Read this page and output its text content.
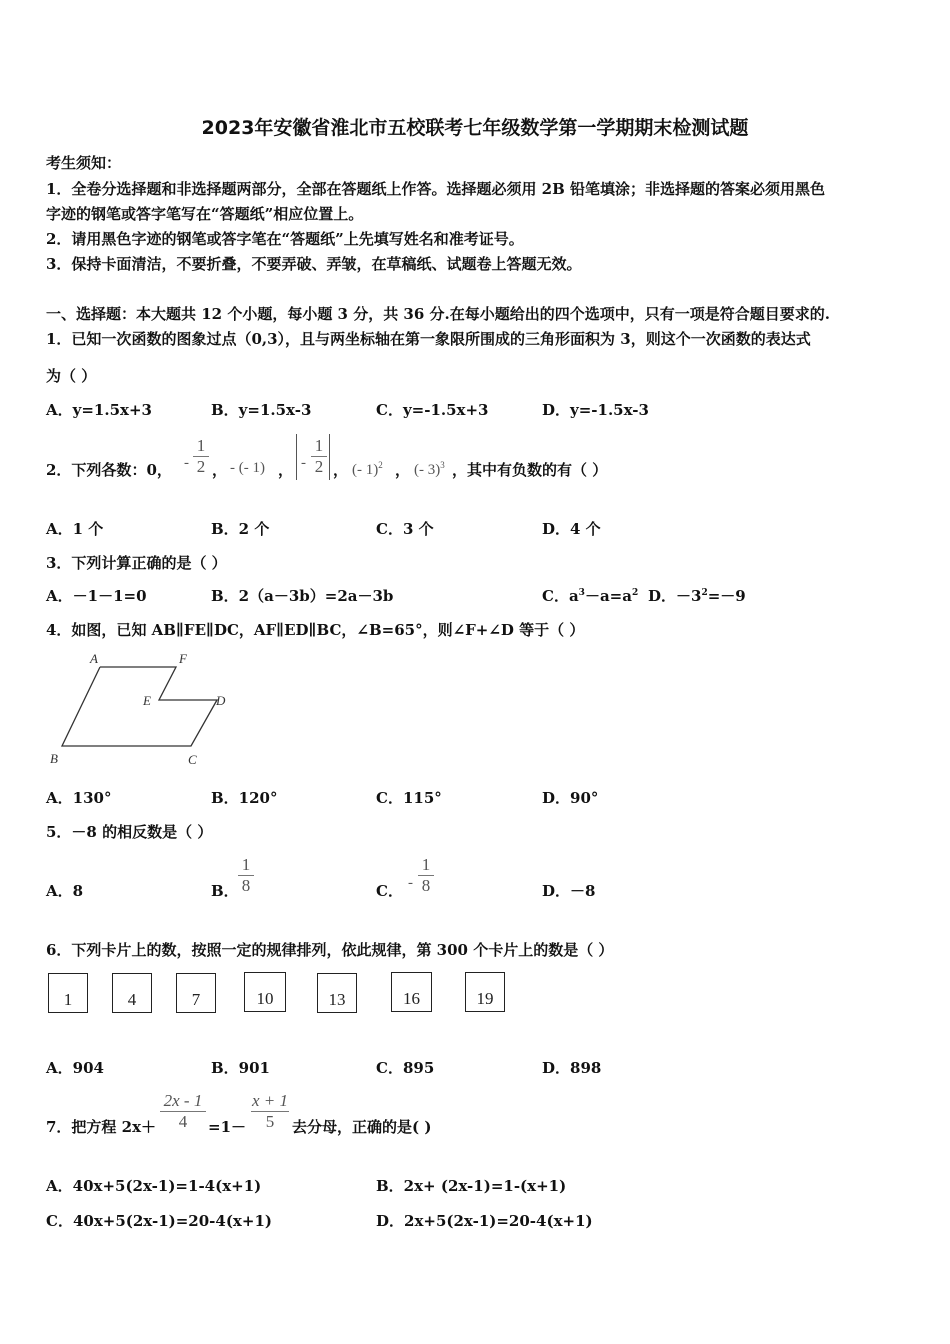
2023年安徽省淮北市五校联考七年级数学第一学期期末检测试题
考生须知：
1．全卷分选择题和非选择题两部分，全部在答题纸上作答。选择题必须用 2B 铅笔填涂；非选择题的答案必须用黑色
字迹的钢笔或答字笔写在“答题纸”相应位置上。
2．请用黑色字迹的钢笔或答字笔在“答题纸”上先填写姓名和准考证号。
3．保持卡面清洁，不要折叠，不要弄破、弄皱，在草稿纸、试题卷上答题无效。
一、选择题：本大题共 12 个小题，每小题 3 分，共 36 分.在每小题给出的四个选项中，只有一项是符合题目要求的.
1．已知一次函数的图象过点（0,3），且与两坐标轴在第一象限所围成的三角形面积为 3，则这个一次函数的表达式
为（ ）
A．y=1.5x+3	B．y=1.5x-3	C．y=-1.5x+3	D．y=-1.5x-3
2．下列各数：0， -
1
2 ， - (- 1) ， -
1
2 ， (- 1)$^2$ ， (- 3)$^3$ ，其中有负数的有（ ）
A．1 个	B．2 个	C．3 个	D．4 个
3．下列计算正确的是（ ）
A．－1－1=0	B．2（a－3b）=2a－3b	C．$a^3-a=a^2$ D．$-3^2=-9$
4．如图，已知 AB∥FE∥DC，AF∥ED∥BC，∠B=65°，则∠F+∠D 等于（ ）
A	F
E	D
B	C
A．130°	B．120°	C．115°	D．90°
5．－8 的相反数是（ ）
A．8	B．
1
8	C． -
1
8	D．－8
6．下列卡片上的数，按照一定的规律排列，依此规律，第 300 个卡片上的数是（ ）
1	4	7	10	13	16	19
A．904	B．901	C．895	D．898
7．把方程 2x＋
2x - 1
4	=1－
x + 1
5	去分母，正确的是( )
A．40x+5(2x-1)=1-4(x+1)	B．2x+ (2x-1)=1-(x+1)
C．40x+5(2x-1)=20-4(x+1)	D．2x+5(2x-1)=20-4(x+1)
